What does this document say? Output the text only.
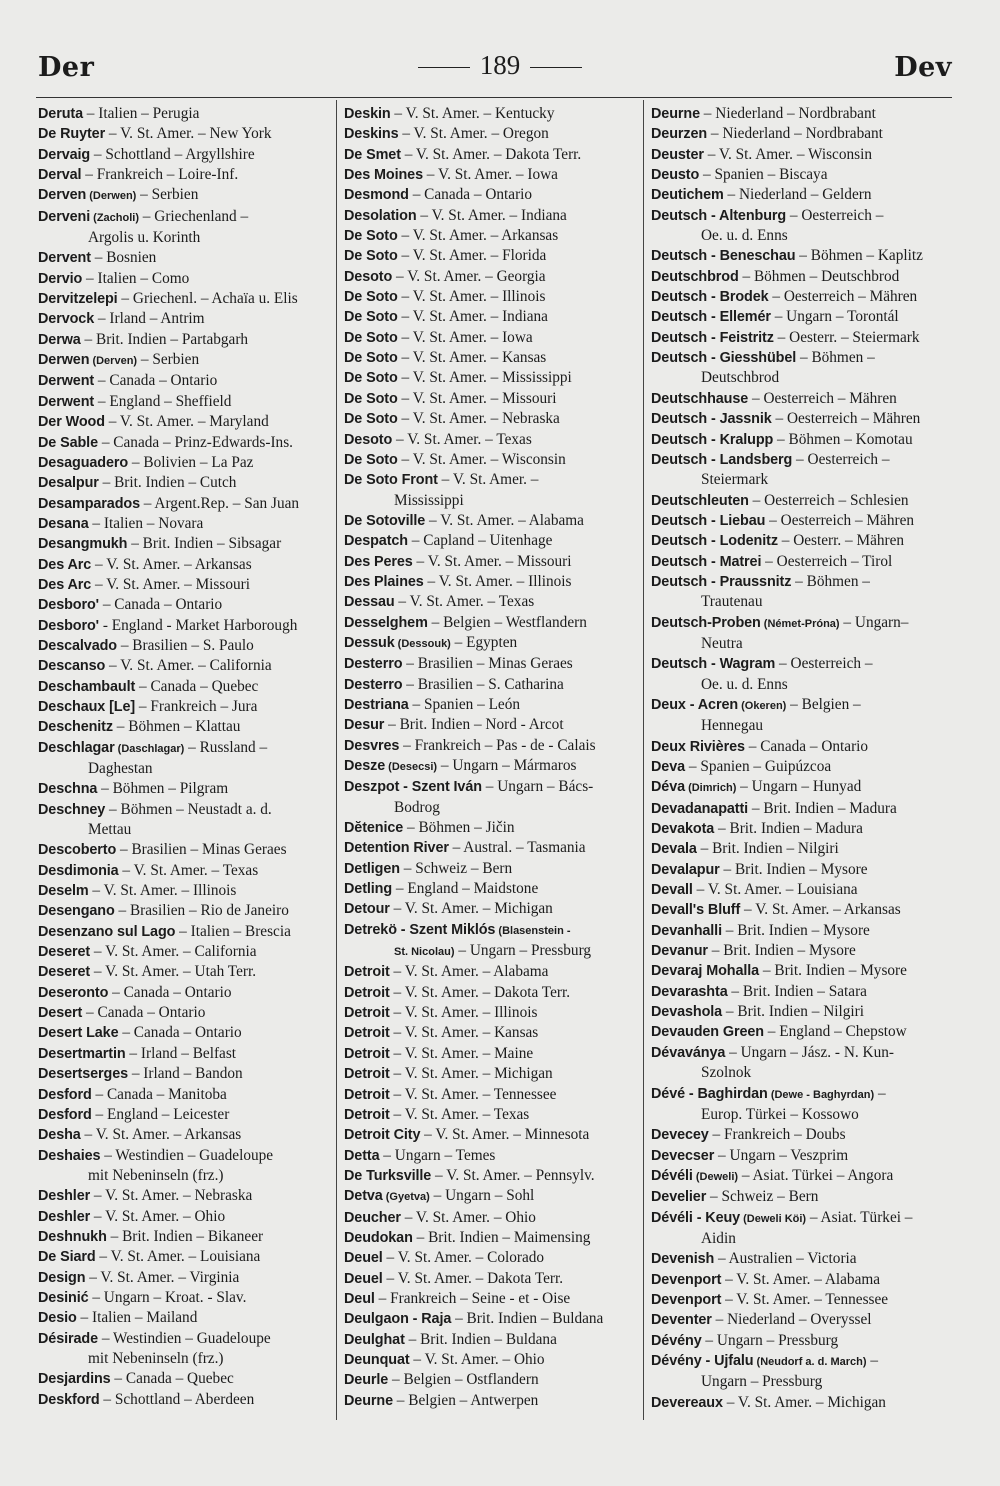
Der	189	Dev
Deruta – Italien – Perugia
De Ruyter – V. St. Amer. – New York
Dervaig – Schottland – Argyllshire
Derval – Frankreich – Loire-Inf.
Derven (Derwen) – Serbien
Derveni (Zacholi) – Griechenland –
Argolis u. Korinth
Dervent – Bosnien
Dervio – Italien – Como
Dervitzelepi – Griechenl. – Achaïa u. Elis
Dervock – Irland – Antrim
Derwa – Brit. Indien – Partabgarh
Derwen (Derven) – Serbien
Derwent – Canada – Ontario
Derwent – England – Sheffield
Der Wood – V. St. Amer. – Maryland
De Sable – Canada – Prinz-Edwards-Ins.
Desaguadero – Bolivien – La Paz
Desalpur – Brit. Indien – Cutch
Desamparados – Argent.Rep. – San Juan
Desana – Italien – Novara
Desangmukh – Brit. Indien – Sibsagar
Des Arc – V. St. Amer. – Arkansas
Des Arc – V. St. Amer. – Missouri
Desboro' – Canada – Ontario
Desboro' - England - Market Harborough
Descalvado – Brasilien – S. Paulo
Descanso – V. St. Amer. – California
Deschambault – Canada – Quebec
Deschaux [Le] – Frankreich – Jura
Deschenitz – Böhmen – Klattau
Deschlagar (Daschlagar) – Russland –
Daghestan
Deschna – Böhmen – Pilgram
Deschney – Böhmen – Neustadt a. d.
Mettau
Descoberto – Brasilien – Minas Geraes
Desdimonia – V. St. Amer. – Texas
Deselm – V. St. Amer. – Illinois
Desengano – Brasilien – Rio de Janeiro
Desenzano sul Lago – Italien – Brescia
Deseret – V. St. Amer. – California
Deseret – V. St. Amer. – Utah Terr.
Deseronto – Canada – Ontario
Desert – Canada – Ontario
Desert Lake – Canada – Ontario
Desertmartin – Irland – Belfast
Desertserges – Irland – Bandon
Desford – Canada – Manitoba
Desford – England – Leicester
Desha – V. St. Amer. – Arkansas
Deshaies – Westindien – Guadeloupe
mit Nebeninseln (frz.)
Deshler – V. St. Amer. – Nebraska
Deshler – V. St. Amer. – Ohio
Deshnukh – Brit. Indien – Bikaneer
De Siard – V. St. Amer. – Louisiana
Design – V. St. Amer. – Virginia
Desinić – Ungarn – Kroat. - Slav.
Desio – Italien – Mailand
Désirade – Westindien – Guadeloupe
mit Nebeninseln (frz.)
Desjardins – Canada – Quebec
Deskford – Schottland – Aberdeen
Deskin – V. St. Amer. – Kentucky
Deskins – V. St. Amer. – Oregon
De Smet – V. St. Amer. – Dakota Terr.
Des Moines – V. St. Amer. – Iowa
Desmond – Canada – Ontario
Desolation – V. St. Amer. – Indiana
De Soto – V. St. Amer. – Arkansas
De Soto – V. St. Amer. – Florida
Desoto – V. St. Amer. – Georgia
De Soto – V. St. Amer. – Illinois
De Soto – V. St. Amer. – Indiana
De Soto – V. St. Amer. – Iowa
De Soto – V. St. Amer. – Kansas
De Soto – V. St. Amer. – Mississippi
De Soto – V. St. Amer. – Missouri
De Soto – V. St. Amer. – Nebraska
Desoto – V. St. Amer. – Texas
De Soto – V. St. Amer. – Wisconsin
De Soto Front – V. St. Amer. –
Mississippi
De Sotoville – V. St. Amer. – Alabama
Despatch – Capland – Uitenhage
Des Peres – V. St. Amer. – Missouri
Des Plaines – V. St. Amer. – Illinois
Dessau – V. St. Amer. – Texas
Desselghem – Belgien – Westflandern
Dessuk (Dessouk) – Egypten
Desterro – Brasilien – Minas Geraes
Desterro – Brasilien – S. Catharina
Destriana – Spanien – León
Desur – Brit. Indien – Nord - Arcot
Desvres – Frankreich – Pas - de - Calais
Desze (Desecsi) – Ungarn – Mármaros
Deszpot - Szent Iván – Ungarn – Bács-
Bodrog
Dĕtenice – Böhmen – Jičin
Detention River – Austral. – Tasmania
Detligen – Schweiz – Bern
Detling – England – Maidstone
Detour – V. St. Amer. – Michigan
Detrekö - Szent Miklós (Blasenstein -
St. Nicolau) – Ungarn – Pressburg
Detroit – V. St. Amer. – Alabama
Detroit – V. St. Amer. – Dakota Terr.
Detroit – V. St. Amer. – Illinois
Detroit – V. St. Amer. – Kansas
Detroit – V. St. Amer. – Maine
Detroit – V. St. Amer. – Michigan
Detroit – V. St. Amer. – Tennessee
Detroit – V. St. Amer. – Texas
Detroit City – V. St. Amer. – Minnesota
Detta – Ungarn – Temes
De Turksville – V. St. Amer. – Pennsylv.
Detva (Gyetva) – Ungarn – Sohl
Deucher – V. St. Amer. – Ohio
Deudokan – Brit. Indien – Maimensing
Deuel – V. St. Amer. – Colorado
Deuel – V. St. Amer. – Dakota Terr.
Deul – Frankreich – Seine - et - Oise
Deulgaon - Raja – Brit. Indien – Buldana
Deulghat – Brit. Indien – Buldana
Deunquat – V. St. Amer. – Ohio
Deurle – Belgien – Ostflandern
Deurne – Belgien – Antwerpen
Deurne – Niederland – Nordbrabant
Deurzen – Niederland – Nordbrabant
Deuster – V. St. Amer. – Wisconsin
Deusto – Spanien – Biscaya
Deutichem – Niederland – Geldern
Deutsch - Altenburg – Oesterreich –
Oe. u. d. Enns
Deutsch - Beneschau – Böhmen – Kaplitz
Deutschbrod – Böhmen – Deutschbrod
Deutsch - Brodek – Oesterreich – Mähren
Deutsch - Ellemér – Ungarn – Torontál
Deutsch - Feistritz – Oesterr. – Steiermark
Deutsch - Giesshübel – Böhmen –
Deutschbrod
Deutschhause – Oesterreich – Mähren
Deutsch - Jassnik – Oesterreich – Mähren
Deutsch - Kralupp – Böhmen – Komotau
Deutsch - Landsberg – Oesterreich –
Steiermark
Deutschleuten – Oesterreich – Schlesien
Deutsch - Liebau – Oesterreich – Mähren
Deutsch - Lodenitz – Oesterr. – Mähren
Deutsch - Matrei – Oesterreich – Tirol
Deutsch - Praussnitz – Böhmen –
Trautenau
Deutsch-Proben (Német-Próna) – Ungarn–
Neutra
Deutsch - Wagram – Oesterreich –
Oe. u. d. Enns
Deux - Acren (Okeren) – Belgien –
Hennegau
Deux Rivières – Canada – Ontario
Deva – Spanien – Guipúzcoa
Déva (Dimrich) – Ungarn – Hunyad
Devadanapatti – Brit. Indien – Madura
Devakota – Brit. Indien – Madura
Devala – Brit. Indien – Nilgiri
Devalapur – Brit. Indien – Mysore
Devall – V. St. Amer. – Louisiana
Devall's Bluff – V. St. Amer. – Arkansas
Devanhalli – Brit. Indien – Mysore
Devanur – Brit. Indien – Mysore
Devaraj Mohalla – Brit. Indien – Mysore
Devarashta – Brit. Indien – Satara
Devashola – Brit. Indien – Nilgiri
Devauden Green – England – Chepstow
Dévaványa – Ungarn – Jász. - N. Kun-
Szolnok
Dévé - Baghirdan (Dewe - Baghyrdan) –
Europ. Türkei – Kossowo
Devecey – Frankreich – Doubs
Devecser – Ungarn – Veszprim
Dévéli (Deweli) – Asiat. Türkei – Angora
Develier – Schweiz – Bern
Dévéli - Keuy (Deweli Köi) – Asiat. Türkei –
Aidin
Devenish – Australien – Victoria
Devenport – V. St. Amer. – Alabama
Devenport – V. St. Amer. – Tennessee
Deventer – Niederland – Overyssel
Dévény – Ungarn – Pressburg
Dévény - Ujfalu (Neudorf a. d. March) –
Ungarn – Pressburg
Devereaux – V. St. Amer. – Michigan
